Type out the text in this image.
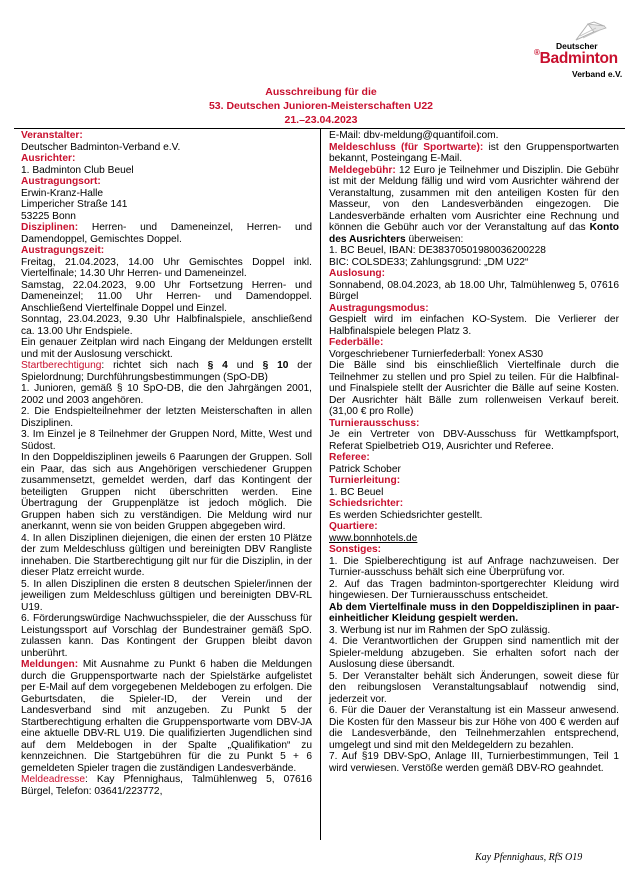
Deutscher
®Badminton
Verband e.V.
Ausschreibung für die
53. Deutschen Junioren-Meisterschaften U22
21.–23.04.2023

Veranstalter:

Deutscher Badminton-Verband e.V.

Ausrichter:

1. Badminton Club Beuel

Austragungsort:

Erwin-Kranz-Halle

Limpericher Straße 141

53225 Bonn

Disziplinen: Herren- und Dameneinzel, Herren- und Damendoppel, Gemischtes Doppel.

Austragungszeit:

Freitag, 21.04.2023, 14.00 Uhr Gemischtes Doppel inkl. Viertelfinale; 14.30 Uhr Herren- und Dameneinzel.

Samstag, 22.04.2023, 9.00 Uhr Fortsetzung Herren- und Dameneinzel; 11.00 Uhr Herren- und Damendoppel. Anschließend Viertelfinale Doppel und Einzel.

Sonntag, 23.04.2023, 9.30 Uhr Halbfinalspiele, anschließend ca. 13.00 Uhr Endspiele.

Ein genauer Zeitplan wird nach Eingang der Meldungen erstellt und mit der Auslosung verschickt.

Startberechtigung: richtet sich nach § 4 und § 10 der Spielordnung; Durchführungsbestimmungen (SpO-DB)

1. Junioren, gemäß § 10 SpO-DB, die den Jahrgängen 2001, 2002 und 2003 angehören.

2. Die Endspielteilnehmer der letzten Meisterschaften in allen Disziplinen.

3. Im Einzel je 8 Teilnehmer der Gruppen Nord, Mitte, West und Südost.

In den Doppeldisziplinen jeweils 6 Paarungen der Gruppen. Soll ein Paar, das sich aus Angehörigen verschiedener Gruppen zusammensetzt, gemeldet werden, darf das Kontingent der beteiligten Gruppen nicht überschritten werden. Eine Übertragung der Gruppenplätze ist jedoch möglich. Die Gruppen haben sich zu verständigen. Die Meldung wird nur anerkannt, wenn sie von beiden Gruppen abgegeben wird.

4. In allen Disziplinen diejenigen, die einen der ersten 10 Plätze der zum Meldeschluss gültigen und bereinigten DBV Rangliste innehaben. Die Startberechtigung gilt nur für die Disziplin, in der dieser Platz erreicht wurde.

5. In allen Disziplinen die ersten 8 deutschen Spieler/innen der jeweiligen zum Meldeschluss gültigen und bereinigten DBV-RL U19.

6. Förderungswürdige Nachwuchsspieler, die der Ausschuss für Leistungssport auf Vorschlag der Bundestrainer gemäß SpO. zulassen kann. Das Kontingent der Gruppen bleibt davon unberührt.

Meldungen: Mit Ausnahme zu Punkt 6 haben die Meldungen durch die Gruppensportwarte nach der Spielstärke aufgelistet per E-Mail auf dem vorgegebenen Meldebogen zu erfolgen. Die Geburtsdaten, die Spieler-ID, der Verein und der Landesverband sind mit anzugeben. Zu Punkt 5 der Startberechtigung erhalten die Gruppensportwarte vom DBV-JA eine aktuelle DBV-RL U19. Die qualifizierten Jugendlichen sind auf dem Meldebogen in der Spalte „Qualifikation“ zu kennzeichnen. Die Startgebühren für die zu Punkt 5 + 6 gemeldeten Spieler tragen die zuständigen Landesverbände.

Meldeadresse: Kay Pfennighaus, Talmühlenweg 5, 07616 Bürgel, Telefon: 03641/223772,

E-Mail: dbv-meldung@quantifoil.com.

Meldeschluss (für Sportwarte): ist den Gruppensportwarten bekannt, Posteingang E-Mail.

Meldegebühr: 12 Euro je Teilnehmer und Disziplin. Die Gebühr ist mit der Meldung fällig und wird vom Ausrichter während der Veranstaltung, zusammen mit den anteiligen Kosten für den Masseur, von den Landesverbänden eingezogen. Die Landesverbände erhalten vom Ausrichter eine Rechnung und können die Gebühr auch vor der Veranstaltung auf das Konto des Ausrichters überweisen:

1. BC Beuel, IBAN: DE38370501980036200228

BIC: COLSDE33; Zahlungsgrund: „DM U22“

Auslosung:

Sonnabend, 08.04.2023, ab 18.00 Uhr, Talmühlenweg 5, 07616 Bürgel

Austragungsmodus:

Gespielt wird im einfachen KO-System. Die Verlierer der Halbfinalspiele belegen Platz 3.

Federbälle:

Vorgeschriebener Turnierfederball: Yonex AS30

Die Bälle sind bis einschließlich Viertelfinale durch die Teilnehmer zu stellen und pro Spiel zu teilen. Für die Halbfinal- und Finalspiele stellt der Ausrichter die Bälle auf seine Kosten. Der Ausrichter hält Bälle zum rollenweisen Verkauf bereit. (31,00 € pro Rolle)

Turnierausschuss:

Je ein Vertreter von DBV-Ausschuss für Wettkampfsport, Referat Spielbetrieb O19, Ausrichter und Referee.

Referee:

Patrick Schober

Turnierleitung:

1. BC Beuel

Schiedsrichter:

Es werden Schiedsrichter gestellt.

Quartiere:

www.bonnhotels.de

Sonstiges:

1. Die Spielberechtigung ist auf Anfrage nachzuweisen. Der Turnier-ausschuss behält sich eine Überprüfung vor.

2. Auf das Tragen badminton-sportgerechter Kleidung wird hingewiesen. Der Turnierausschuss entscheidet.

Ab dem Viertelfinale muss in den Doppeldisziplinen in paar-einheitlicher Kleidung gespielt werden.

3. Werbung ist nur im Rahmen der SpO zulässig.

4. Die Verantwortlichen der Gruppen sind namentlich mit der Spieler-meldung abzugeben. Sie erhalten sofort nach der Auslosung diese übersandt.

5. Der Veranstalter behält sich Änderungen, soweit diese für den reibungslosen Veranstaltungsablauf notwendig sind, jederzeit vor.

6. Für die Dauer der Veranstaltung ist ein Masseur anwesend. Die Kosten für den Masseur bis zur Höhe von 400 € werden auf die Landesverbände, den Teilnehmerzahlen entsprechend, umgelegt und sind mit den Meldegeldern zu bezahlen.

7. Auf §19 DBV-SpO, Anlage III, Turnierbestimmungen, Teil 1 wird verwiesen. Verstöße werden gemäß DBV-RO geahndet.

Kay Pfennighaus, RfS O19
